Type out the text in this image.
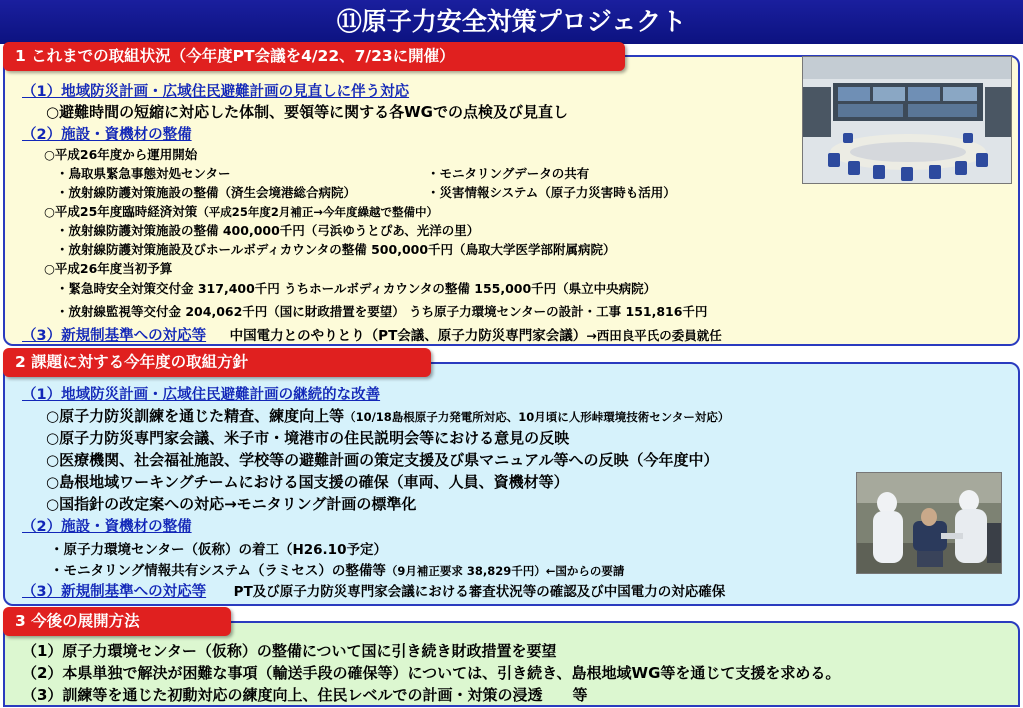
⑪原子力安全対策プロジェクト
1 これまでの取組状況（今年度PT会議を4/22、7/23に開催）
（1）地域防災計画・広域住民避難計画の見直しに伴う対応
○避難時間の短縮に対応した体制、要領等に関する各WGでの点検及び見直し
（2）施設・資機材の整備
○平成26年度から運用開始
・鳥取県緊急事態対処センター	・モニタリングデータの共有
・放射線防護対策施設の整備（済生会境港総合病院）	・災害情報システム（原子力災害時も活用）
○平成25年度臨時経済対策（平成25年度2月補正→今年度繰越で整備中）
・放射線防護対策施設の整備 400,000千円（弓浜ゆうとぴあ、光洋の里）
・放射線防護対策施設及びホールボディカウンタの整備 500,000千円（鳥取大学医学部附属病院）
○平成26年度当初予算
・緊急時安全対策交付金 317,400千円 うちホールボディカウンタの整備 155,000千円（県立中央病院）
・放射線監視等交付金 204,062千円（国に財政措置を要望） うち原子力環境センターの設計・工事 151,816千円
（3）新規制基準への対応等 中国電力とのやりとり（PT会議、原子力防災専門家会議）→西田良平氏の委員就任
2 課題に対する今年度の取組方針
（1）地域防災計画・広域住民避難計画の継続的な改善
○原子力防災訓練を通じた精査、練度向上等（10/18島根原子力発電所対応、10月頃に人形峠環境技術センター対応）
○原子力防災専門家会議、米子市・境港市の住民説明会等における意見の反映
○医療機関、社会福祉施設、学校等の避難計画の策定支援及び県マニュアル等への反映（今年度中）
○島根地域ワーキングチームにおける国支援の確保（車両、人員、資機材等）
○国指針の改定案への対応→モニタリング計画の標準化
（2）施設・資機材の整備
・原子力環境センター（仮称）の着工（H26.10予定）
・モニタリング情報共有システム（ラミセス）の整備等（9月補正要求 38,829千円）←国からの要請
（3）新規制基準への対応等 PT及び原子力防災専門家会議における審査状況等の確認及び中国電力の対応確保
3 今後の展開方法
（1）原子力環境センター（仮称）の整備について国に引き続き財政措置を要望
（2）本県単独で解決が困難な事項（輸送手段の確保等）については、引き続き、島根地域WG等を通じて支援を求める。
（3）訓練等を通じた初動対応の練度向上、住民レベルでの計画・対策の浸透　　等
